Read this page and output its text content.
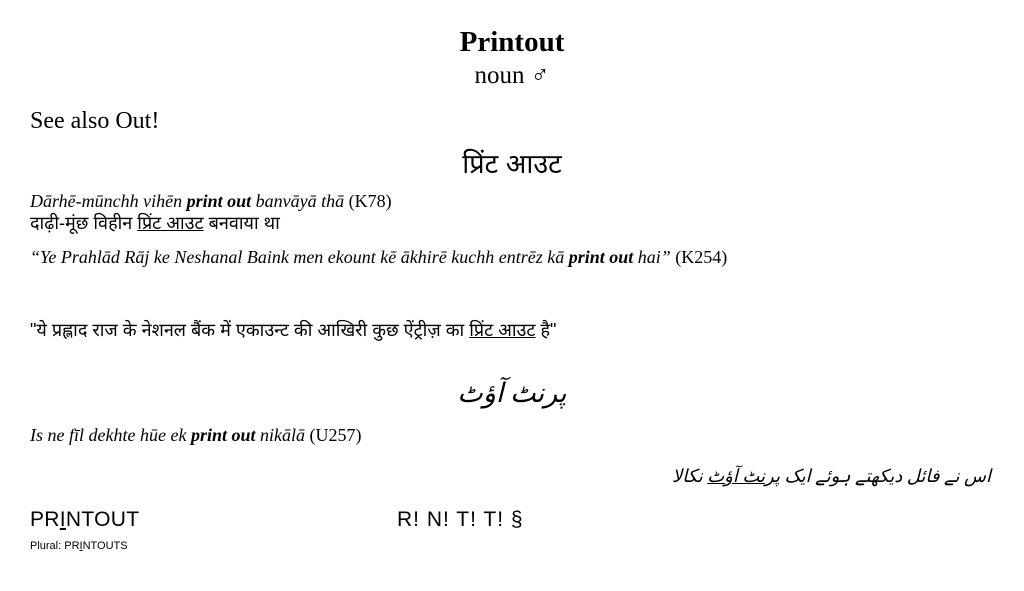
Printout
noun ♂
See also Out!
प्रिंट आउट
Dārhē-mūnchh vihēn print out banvāyā thā (K78)
दाढ़ी-मूंछ विहीन प्रिंट आउट बनवाया था
“Ye Prahlād Rāj ke Neshanal Baink men ekount kē ākhirē kuchh entrēz kā print out hai” (K254)
"ये प्रह्लाद राज के नेशनल बैंक में एकाउन्ट की आखिरी कुछ ऐंट्रीज़ का प्रिंट आउट है"
پرنٹ آؤٹ
Is ne fīl dekhte hūe ek print out nikālā (U257)
اس نے فائل دیکھتے ہوئے ایک پرنٹ آؤٹ نکالا
PRINTOUT	R! N! T! T! §
Plural: PRINTOUTS
